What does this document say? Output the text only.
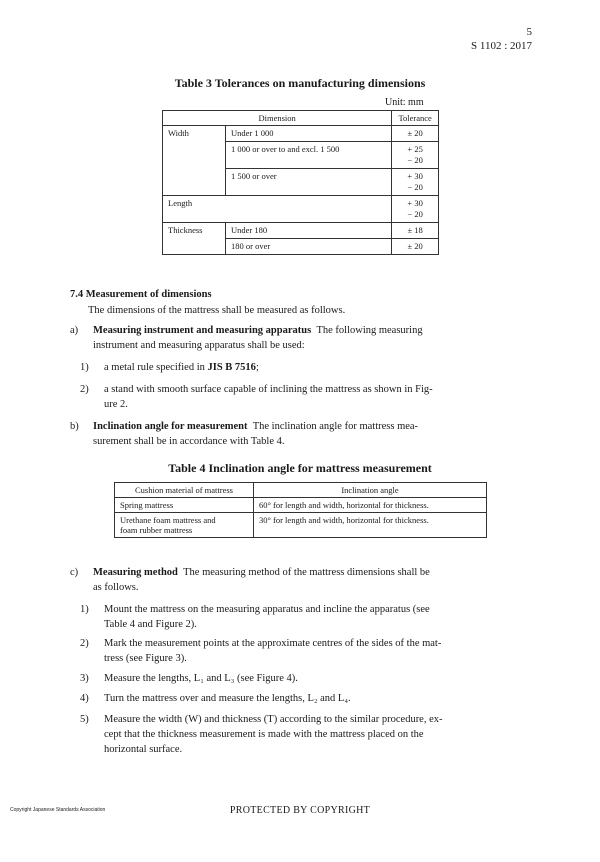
5
S 1102 : 2017
Table 3 Tolerances on manufacturing dimensions
Unit: mm
Dimension		Tolerance
Width	Under 1 000	± 20
	1 000 or over to and excl. 1 500	+ 25
− 20

	1 500 or over	+ 30
− 20

Length		+ 30
− 20

Thickness	Under 180	± 18
	180 or over	± 20
7.4 Measurement of dimensions
The dimensions of the mattress shall be measured as follows.
a) Measuring instrument and measuring apparatus The following measuring
instrument and measuring apparatus shall be used:
1) a metal rule specified in JIS B 7516;
2) a stand with smooth surface capable of inclining the mattress as shown in Fig-
ure 2.
b) Inclination angle for measurement The inclination angle for mattress mea-
surement shall be in accordance with Table 4.
Table 4 Inclination angle for mattress measurement
Cushion material of mattress	Inclination angle
Spring mattress	60° for length and width, horizontal for thickness.

Urethane foam mattress and
foam rubber mattress	30° for length and width, horizontal for thickness.
c) Measuring method The measuring method of the mattress dimensions shall be
as follows.
1) Mount the mattress on the measuring apparatus and incline the apparatus (see
Table 4 and Figure 2).
2) Mark the measurement points at the approximate centres of the sides of the mat-
tress (see Figure 3).
3) Measure the lengths, L₁ and L₃ (see Figure 4).
4) Turn the mattress over and measure the lengths, L₂ and L₄.
5) Measure the width (W) and thickness (T) according to the similar procedure, ex-
cept that the thickness measurement is made with the mattress placed on the
horizontal surface.
Copyright Japanese Standards Association	PROTECTED BY COPYRIGHT
